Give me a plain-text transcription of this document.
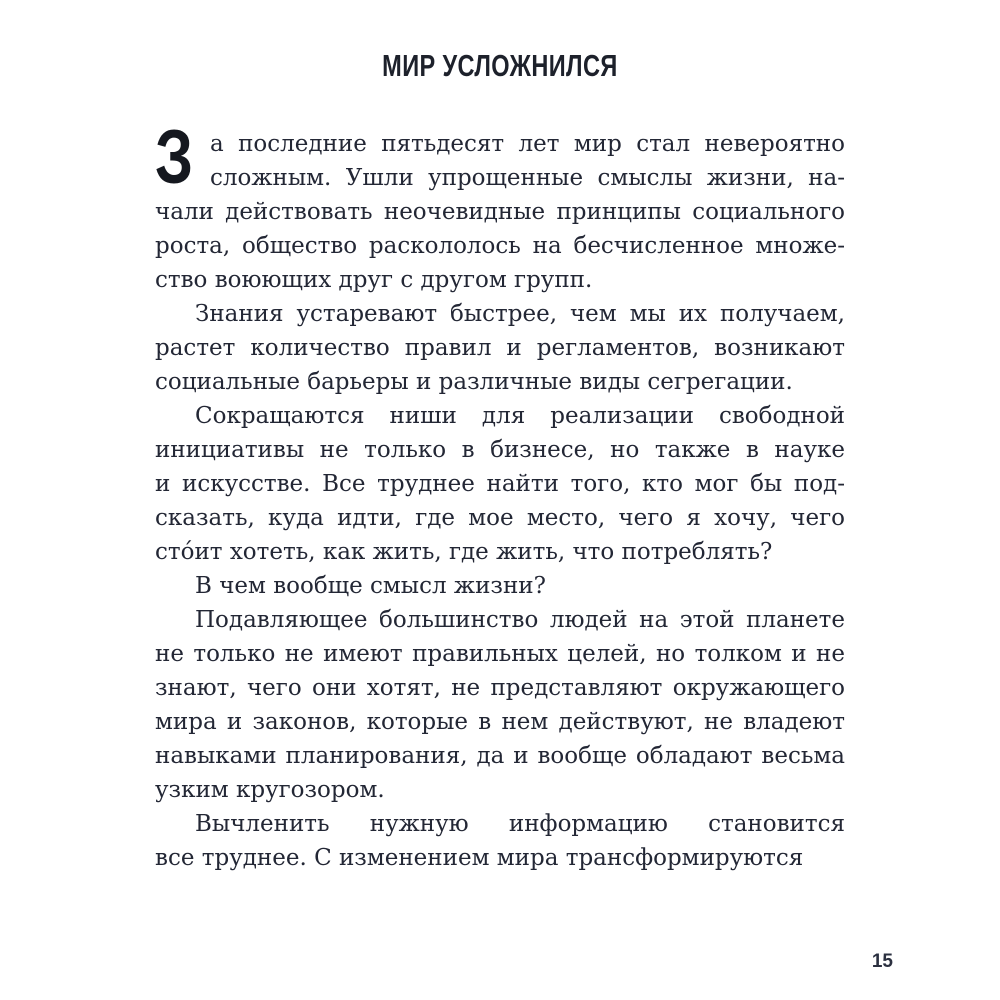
МИР УСЛОЖНИЛСЯ
З а последние пятьдесят лет мир стал невероятно
сложным. Ушли упрощенные смыслы жизни, на-
чали действовать неочевидные принципы социального
роста, общество раскололось на бесчисленное множе-
ство воюющих друг с другом групп.
Знания устаревают быстрее, чем мы их получаем,
растет количество правил и регламентов, возникают
социальные барьеры и различные виды сегрегации.
Сокращаются ниши для реализации свободной
инициативы не только в бизнесе, но также в науке
и искусстве. Все труднее найти того, кто мог бы под-
сказать, куда идти, где мое место, чего я хочу, чего
сто́ит хотеть, как жить, где жить, что потреблять?
В чем вообще смысл жизни?
Подавляющее большинство людей на этой планете
не только не имеют правильных целей, но толком и не
знают, чего они хотят, не представляют окружающего
мира и законов, которые в нем действуют, не владеют
навыками планирования, да и вообще обладают весьма
узким кругозором.
Вычленить нужную информацию становится
все труднее. С изменением мира трансформируются
15
